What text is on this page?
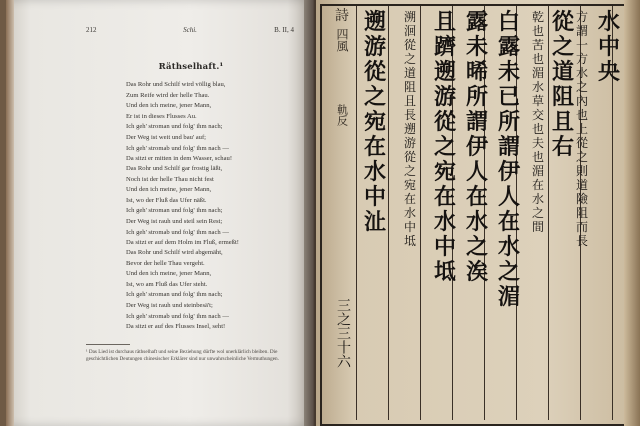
212	Schi.	B. II, 4
Räthselhaft.¹
Das Rohr und Schilf wird völlig blau,
Zum Reife wird der helle Thau.
Und den ich meine, jener Mann,
Er ist in dieses Flusses Au.
Ich geh' stroman und folg' ihm nach;
Der Weg ist weit und bau' auf;
Ich geh' stromab und folg' ihm nach —
Da sitzt er mitten in dem Wasser, schau!
Das Rohr und Schilf gar frostig läßt,
Noch ist der helle Thau nicht fest
Und den ich meine, jener Mann,
Ist, wo der Fluß das Ufer näßt.
Ich geh' stroman und folg' ihm nach;
Der Weg ist rauh und steil sein Rest;
Ich geh' stromab und folg' ihm nach —
Da sitzt er auf dem Holm im Fluß, ermeßt!
Das Rohr und Schilf wird abgemäht,
Bevor der helle Thau vergeht.
Und den ich meine, jener Mann,
Ist, wo am Fluß das Ufer steht.
Ich geh' stroman und folg' ihm nach;
Der Weg ist rauh und steinbesä't;
Ich geh' stromab und folg' ihm nach —
Da sitzt er auf des Flusses Insel, seht!
¹ Das Lied ist durchaus räthselhaft und seine Beziehung dürfte wol unerklärlich bleiben. Die geschichtlichen Deutungen chinesischer Erklärer sind nur unwahrscheinliche Vermuthungen.
詩
四風
軌反
三之三十六
水
中
央
方
謂
一
方
水
之
內
也
上
從
之
則
道
險
阻
而
長
從
之
道
阻
且
右
乾
也
苦
也
湄
水
草
交
也
夫
也
湄
在
水
之
間
白
露
未
已
所
謂
伊
人
在
水
之
湄
露
未
晞
所
謂
伊
人
在
水
之
涘
且
躋
遡
游
從
之
宛
在
水
中
坻
溯
洄
從
之
道
阻
且
長
遡
游
從
之
宛
在
水
中
坻
遡
游
從
之
宛
在
水
中
沚
